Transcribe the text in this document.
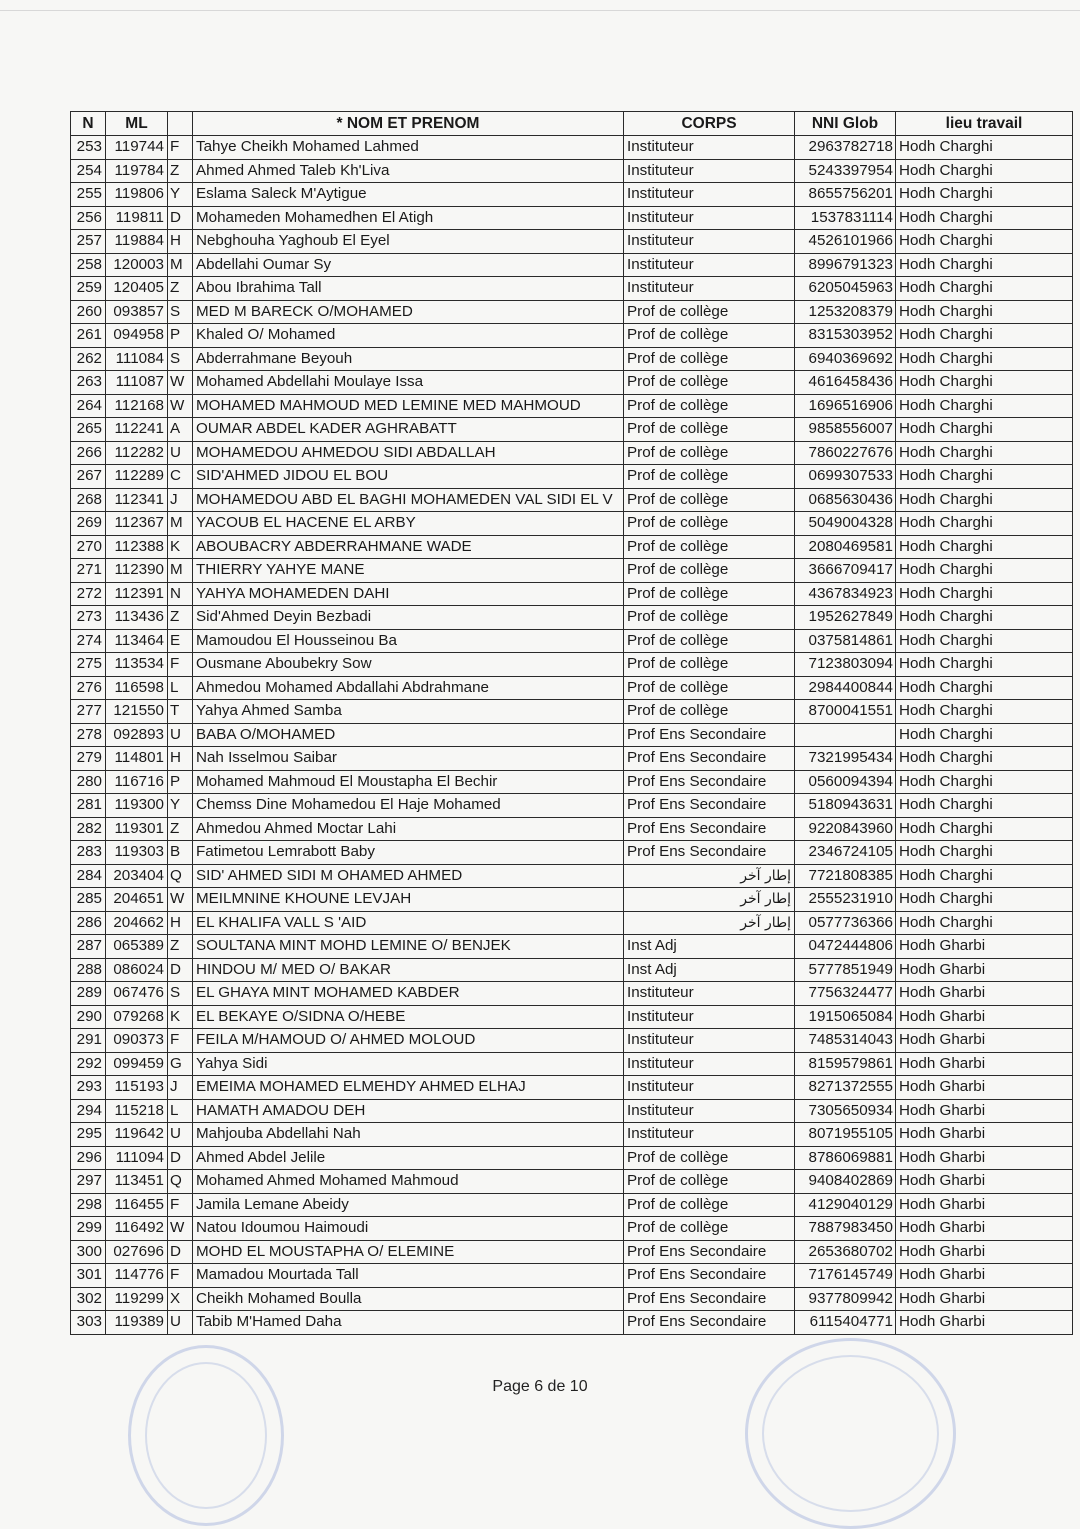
N	ML		* NOM ET PRENOM	CORPS	NNI Glob	lieu travail
253	119744	F	Tahye Cheikh Mohamed Lahmed	Instituteur	2963782718	Hodh Charghi
254	119784	Z	Ahmed Ahmed Taleb Kh'Liva	Instituteur	5243397954	Hodh Charghi
255	119806	Y	Eslama Saleck M'Aytigue	Instituteur	8655756201	Hodh Charghi
256	119811	D	Mohameden Mohamedhen El Atigh	Instituteur	1537831114	Hodh Charghi
257	119884	H	Nebghouha Yaghoub El Eyel	Instituteur	4526101966	Hodh Charghi
258	120003	M	Abdellahi Oumar Sy	Instituteur	8996791323	Hodh Charghi
259	120405	Z	Abou Ibrahima Tall	Instituteur	6205045963	Hodh Charghi
260	093857	S	MED M BARECK O/MOHAMED	Prof de collège	1253208379	Hodh Charghi
261	094958	P	Khaled O/ Mohamed	Prof de collège	8315303952	Hodh Charghi
262	111084	S	Abderrahmane Beyouh	Prof de collège	6940369692	Hodh Charghi
263	111087	W	Mohamed Abdellahi Moulaye Issa	Prof de collège	4616458436	Hodh Charghi
264	112168	W	MOHAMED MAHMOUD MED LEMINE MED MAHMOUD	Prof de collège	1696516906	Hodh Charghi
265	112241	A	OUMAR ABDEL KADER AGHRABATT	Prof de collège	9858556007	Hodh Charghi
266	112282	U	MOHAMEDOU AHMEDOU SIDI ABDALLAH	Prof de collège	7860227676	Hodh Charghi
267	112289	C	SID'AHMED JIDOU EL BOU	Prof de collège	0699307533	Hodh Charghi
268	112341	J	MOHAMEDOU ABD EL BAGHI MOHAMEDEN VAL SIDI EL V	Prof de collège	0685630436	Hodh Charghi
269	112367	M	YACOUB EL HACENE EL ARBY	Prof de collège	5049004328	Hodh Charghi
270	112388	K	ABOUBACRY ABDERRAHMANE WADE	Prof de collège	2080469581	Hodh Charghi
271	112390	M	THIERRY YAHYE MANE	Prof de collège	3666709417	Hodh Charghi
272	112391	N	YAHYA MOHAMEDEN DAHI	Prof de collège	4367834923	Hodh Charghi
273	113436	Z	Sid'Ahmed Deyin Bezbadi	Prof de collège	1952627849	Hodh Charghi
274	113464	E	Mamoudou El Housseinou Ba	Prof de collège	0375814861	Hodh Charghi
275	113534	F	Ousmane Aboubekry Sow	Prof de collège	7123803094	Hodh Charghi
276	116598	L	Ahmedou Mohamed Abdallahi Abdrahmane	Prof de collège	2984400844	Hodh Charghi
277	121550	T	Yahya Ahmed Samba	Prof de collège	8700041551	Hodh Charghi
278	092893	U	BABA O/MOHAMED	Prof Ens Secondaire		Hodh Charghi
279	114801	H	Nah Isselmou Saibar	Prof Ens Secondaire	7321995434	Hodh Charghi
280	116716	P	Mohamed Mahmoud El Moustapha El Bechir	Prof Ens Secondaire	0560094394	Hodh Charghi
281	119300	Y	Chemss Dine Mohamedou El Haje Mohamed	Prof Ens Secondaire	5180943631	Hodh Charghi
282	119301	Z	Ahmedou Ahmed Moctar Lahi	Prof Ens Secondaire	9220843960	Hodh Charghi
283	119303	B	Fatimetou Lemrabott Baby	Prof Ens Secondaire	2346724105	Hodh Charghi
284	203404	Q	SID' AHMED SIDI M OHAMED AHMED	إطار آخر	7721808385	Hodh Charghi
285	204651	W	MEILMNINE KHOUNE LEVJAH	إطار آخر	2555231910	Hodh Charghi
286	204662	H	EL KHALIFA VALL S 'AID	إطار آخر	0577736366	Hodh Charghi
287	065389	Z	SOULTANA MINT MOHD LEMINE O/ BENJEK	Inst Adj	0472444806	Hodh Gharbi
288	086024	D	HINDOU M/ MED O/ BAKAR	Inst Adj	5777851949	Hodh Gharbi
289	067476	S	EL GHAYA MINT MOHAMED KABDER	Instituteur	7756324477	Hodh Gharbi
290	079268	K	EL BEKAYE O/SIDNA O/HEBE	Instituteur	1915065084	Hodh Gharbi
291	090373	F	FEILA M/HAMOUD O/ AHMED MOLOUD	Instituteur	7485314043	Hodh Gharbi
292	099459	G	Yahya Sidi	Instituteur	8159579861	Hodh Gharbi
293	115193	J	EMEIMA MOHAMED ELMEHDY AHMED ELHAJ	Instituteur	8271372555	Hodh Gharbi
294	115218	L	HAMATH AMADOU DEH	Instituteur	7305650934	Hodh Gharbi
295	119642	U	Mahjouba Abdellahi Nah	Instituteur	8071955105	Hodh Gharbi
296	111094	D	Ahmed Abdel Jelile	Prof de collège	8786069881	Hodh Gharbi
297	113451	Q	Mohamed Ahmed Mohamed Mahmoud	Prof de collège	9408402869	Hodh Gharbi
298	116455	F	Jamila Lemane Abeidy	Prof de collège	4129040129	Hodh Gharbi
299	116492	W	Natou Idoumou Haimoudi	Prof de collège	7887983450	Hodh Gharbi
300	027696	D	MOHD EL MOUSTAPHA O/ ELEMINE	Prof Ens Secondaire	2653680702	Hodh Gharbi
301	114776	F	Mamadou Mourtada Tall	Prof Ens Secondaire	7176145749	Hodh Gharbi
302	119299	X	Cheikh Mohamed Boulla	Prof Ens Secondaire	9377809942	Hodh Gharbi
303	119389	U	Tabib M'Hamed Daha	Prof Ens Secondaire	6115404771	Hodh Gharbi
Page 6 de 10
